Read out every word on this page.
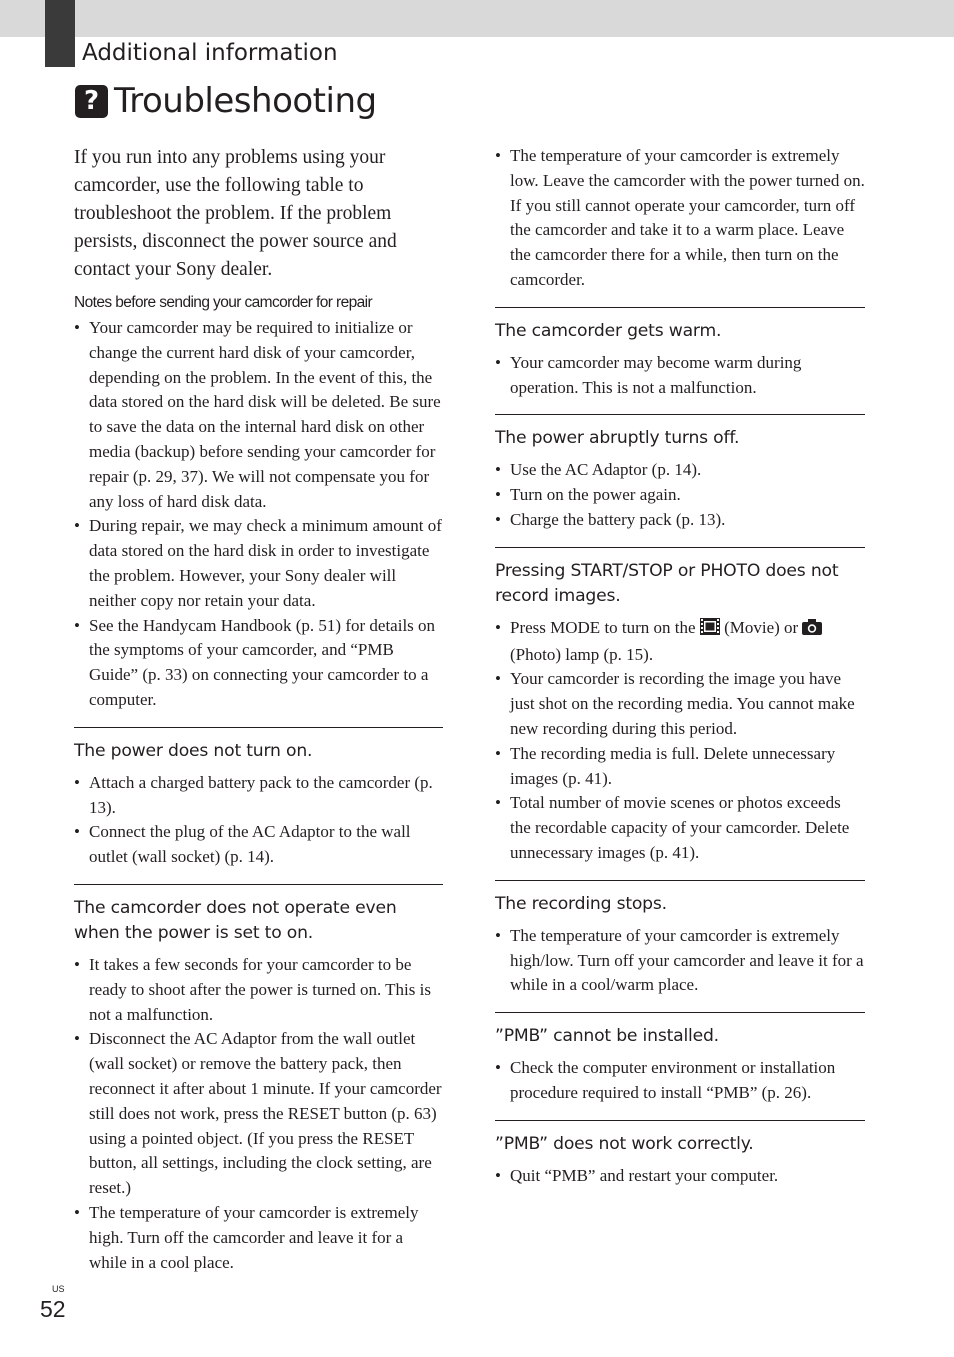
Additional information
? Troubleshooting

If you run into any problems using your camcorder, use the following table to troubleshoot the problem. If the problem persists, disconnect the power source and contact your Sony dealer.

Notes before sending your camcorder for repair
• Your camcorder may be required to initialize or change the current hard disk of your camcorder, depending on the problem. In the event of this, the data stored on the hard disk will be deleted. Be sure to save the data on the internal hard disk on other media (backup) before sending your camcorder for repair (p. 29, 37). We will not compensate you for any loss of hard disk data.
• During repair, we may check a minimum amount of data stored on the hard disk in order to investigate the problem. However, your Sony dealer will neither copy nor retain your data.
• See the Handycam Handbook (p. 51) for details on the symptoms of your camcorder, and “PMB Guide” (p. 33) on connecting your camcorder to a computer.
The power does not turn on.
• Attach a charged battery pack to the camcorder (p. 13).
• Connect the plug of the AC Adaptor to the wall outlet (wall socket) (p. 14).
The camcorder does not operate even when the power is set to on.
• It takes a few seconds for your camcorder to be ready to shoot after the power is turned on. This is not a malfunction.
• Disconnect the AC Adaptor from the wall outlet (wall socket) or remove the battery pack, then reconnect it after about 1 minute. If your camcorder still does not work, press the RESET button (p. 63) using a pointed object. (If you press the RESET button, all settings, including the clock setting, are reset.)
• The temperature of your camcorder is extremely high. Turn off the camcorder and leave it for a while in a cool place.
• The temperature of your camcorder is extremely low. Leave the camcorder with the power turned on. If you still cannot operate your camcorder, turn off the camcorder and take it to a warm place. Leave the camcorder there for a while, then turn on the camcorder.
The camcorder gets warm.
• Your camcorder may become warm during operation. This is not a malfunction.
The power abruptly turns off.
• Use the AC Adaptor (p. 14).
• Turn on the power again.
• Charge the battery pack (p. 13).
Pressing START/STOP or PHOTO does not record images.
• Press MODE to turn on the (Movie) or  (Photo) lamp (p. 15).
• Your camcorder is recording the image you have just shot on the recording media. You cannot make new recording during this period.
• The recording media is full. Delete unnecessary images (p. 41).
• Total number of movie scenes or photos exceeds the recordable capacity of your camcorder. Delete unnecessary images (p. 41).
The recording stops.
• The temperature of your camcorder is extremely high/low. Turn off your camcorder and leave it for a while in a cool/warm place.
”PMB” cannot be installed.
• Check the computer environment or installation procedure required to install “PMB” (p. 26).
”PMB” does not work correctly.
• Quit “PMB” and restart your computer.
US
52
